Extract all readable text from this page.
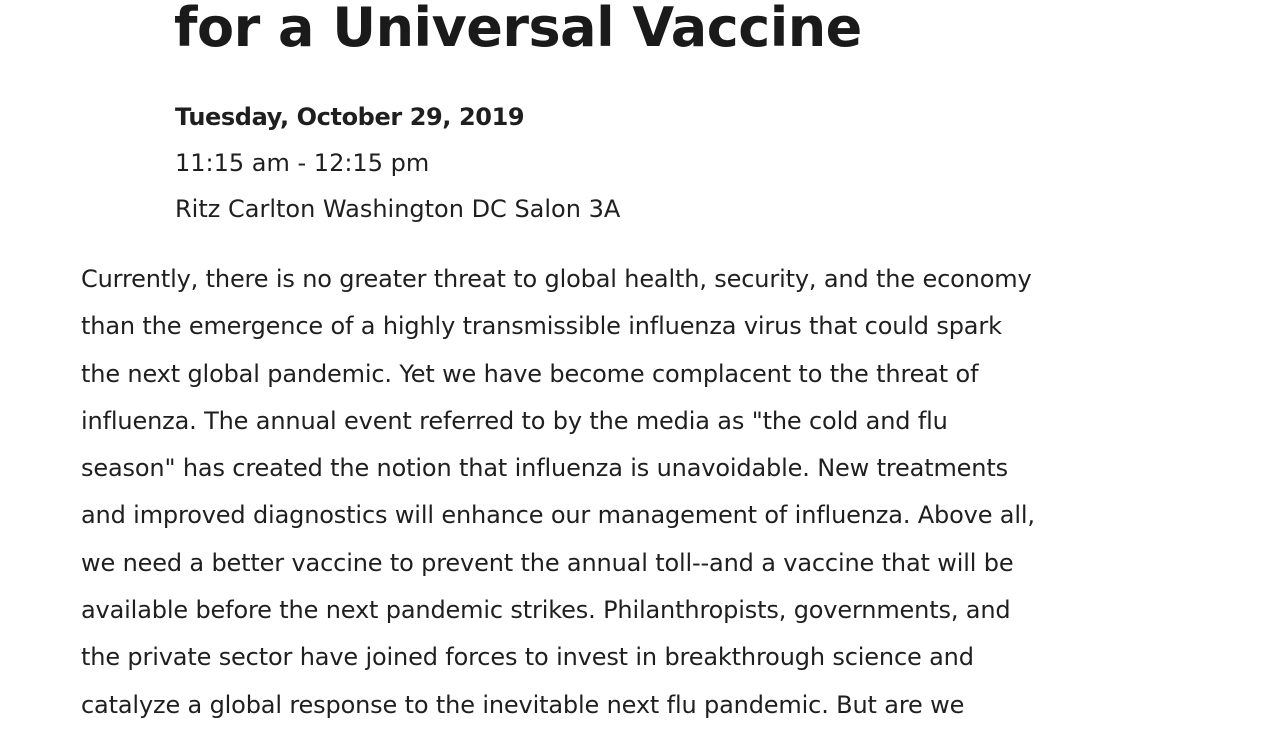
for a Universal Vaccine
Tuesday, October 29, 2019
11:15 am - 12:15 pm
Ritz Carlton Washington DC Salon 3A
Currently, there is no greater threat to global health, security, and the economy
than the emergence of a highly transmissible influenza virus that could spark
the next global pandemic. Yet we have become complacent to the threat of
influenza. The annual event referred to by the media as "the cold and flu
season" has created the notion that influenza is unavoidable. New treatments
and improved diagnostics will enhance our management of influenza. Above all,
we need a better vaccine to prevent the annual toll--and a vaccine that will be
available before the next pandemic strikes. Philanthropists, governments, and
the private sector have joined forces to invest in breakthrough science and
catalyze a global response to the inevitable next flu pandemic. But are we
